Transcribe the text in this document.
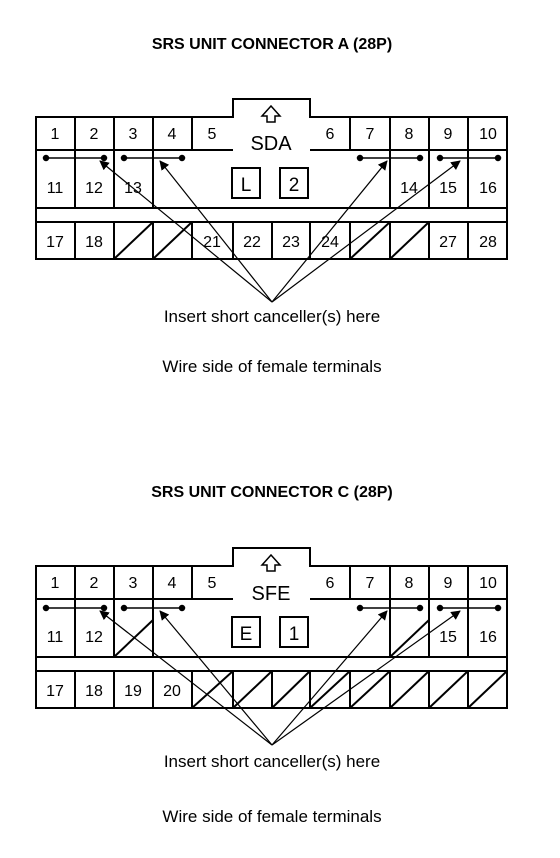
SRS UNIT CONNECTOR A (28P)
SDA
L 2
1 2 3 4 5	6 7 8 9 10
11 12 13	14 15 16
17 18	21 22 23 24	27 28
Insert short canceller(s) here
Wire side of female terminals
SRS UNIT CONNECTOR C (28P)
SFE
E 1
1 2 3 4 5	6 7 8 9 10
11 12	15 16
17 18 19 20
Insert short canceller(s) here
Wire side of female terminals
